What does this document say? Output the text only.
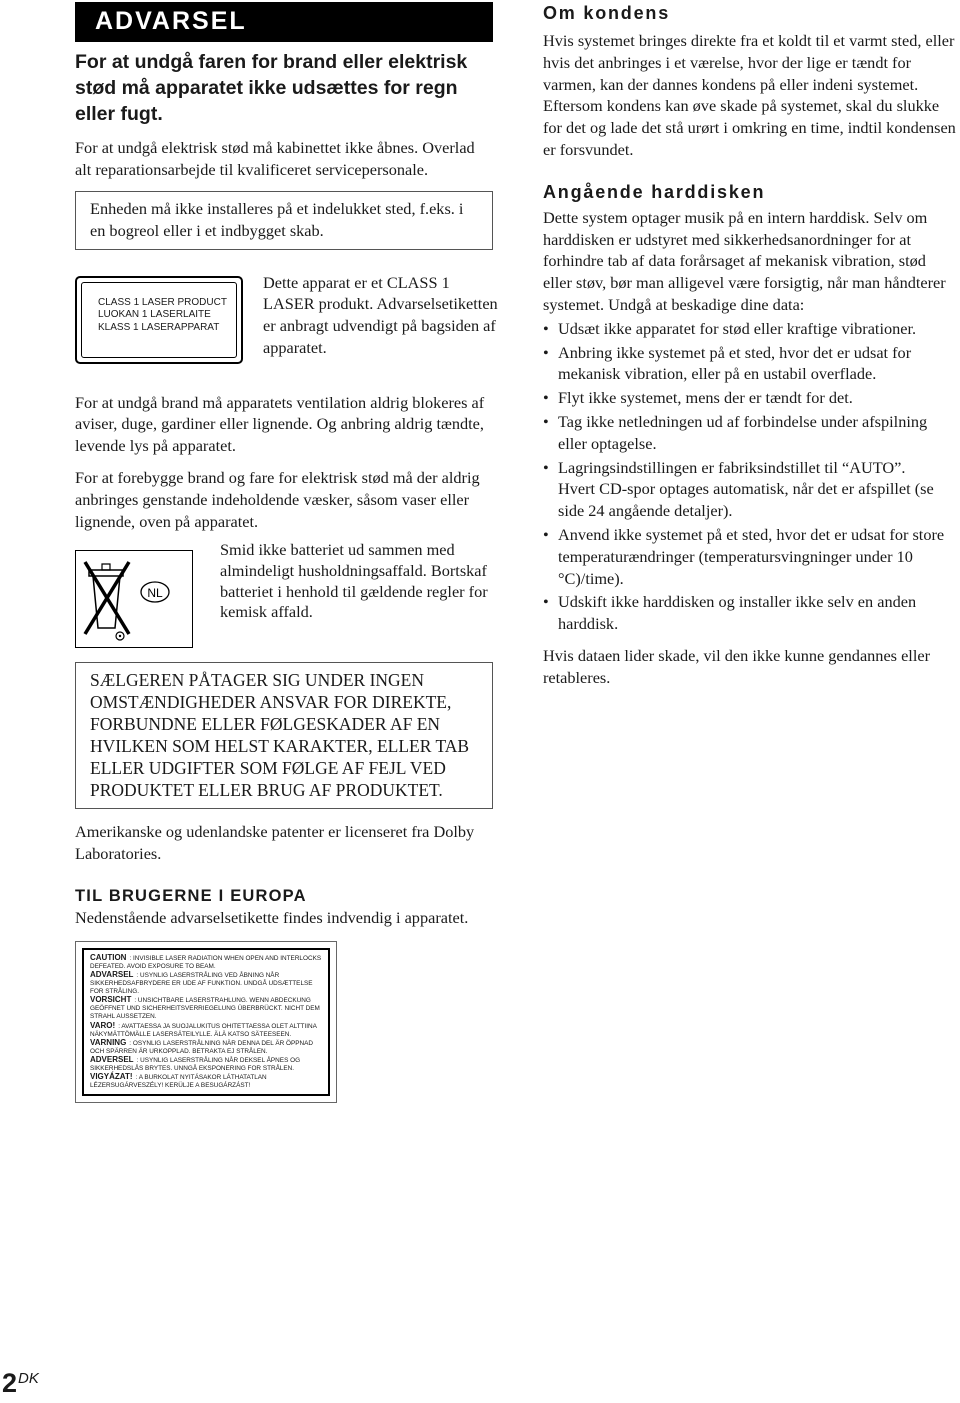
ADVARSEL
For at undgå faren for brand eller elektrisk stød må apparatet ikke udsættes for regn eller fugt.

For at undgå elektrisk stød må kabinettet ikke åbnes. Overlad alt reparationsarbejde til kvalificeret servicepersonale.

Enheden må ikke installeres på et indelukket sted, f.eks. i en bogreol eller i et indbygget skab.
CLASS 1 LASER PRODUCT
LUOKAN 1 LASERLAITE
KLASS 1 LASERAPPARAT
Dette apparat er et CLASS 1 LASER produkt. Advarselsetiketten er anbragt udvendigt på bagsiden af apparatet.

For at undgå brand må apparatets ventilation aldrig blokeres af aviser, duge, gardiner eller lignende. Og anbring aldrig tændte, levende lys på apparatet.

For at forebygge brand og fare for elektrisk stød må der aldrig anbringes genstande indeholdende væsker, såsom vaser eller lignende, oven på apparatet.

NL
Smid ikke batteriet ud sammen med almindeligt husholdningsaffald. Bortskaf batteriet i henhold til gældende regler for kemisk affald.
SÆLGEREN PÅTAGER SIG UNDER INGEN OMSTÆNDIGHEDER ANSVAR FOR DIREKTE, FORBUNDNE ELLER FØLGESKADER AF EN HVILKEN SOM HELST KARAKTER, ELLER TAB ELLER UDGIFTER SOM FØLGE AF FEJL VED PRODUKTET ELLER BRUG AF PRODUKTET.

Amerikanske og udenlandske patenter er licenseret fra Dolby Laboratories.

TIL BRUGERNE I EUROPA

Nedenstående advarselsetikette findes indvendig i apparatet.

CAUTION : INVISIBLE LASER RADIATION WHEN OPEN AND INTERLOCKS DEFEATED. AVOID EXPOSURE TO BEAM.
ADVARSEL : USYNLIG LASERSTRÅLING VED ÅBNING NÅR SIKKERHEDSAFBRYDERE ER UDE AF FUNKTION. UNDGÅ UDSÆTTELSE FOR STRÅLING.
VORSICHT : UNSICHTBARE LASERSTRAHLUNG. WENN ABDECKUNG GEÖFFNET UND SICHERHEITSVERRIEGELUNG ÜBERBRÜCKT. NICHT DEM STRAHL AUSSETZEN.
VARO! : AVATTAESSA JA SUOJALUKITUS OHITETTAESSA OLET ALTTIINA NÄKYMÄTTÖMÄLLE LASERSÄTEILYLLE. ÄLÄ KATSO SÄTEESEEN.
VARNING : OSYNLIG LASERSTRÅLNING NÄR DENNA DEL ÄR ÖPPNAD OCH SPÄRREN ÄR URKOPPLAD. BETRAKTA EJ STRÅLEN.
ADVERSEL : USYNLIG LASERSTRÅLING NÅR DEKSEL ÅPNES OG SIKKERHEDSLÅS BRYTES. UNNGÅ EKSPONERING FOR STRÅLEN.
VIGYÁZAT! : A BURKOLAT NYITÁSAKOR LÁTHATATLAN LÉZERSUGÁRVESZÉLY! KERÜLJE A BESUGÁRZÁST!
Om kondens

Hvis systemet bringes direkte fra et koldt til et varmt sted, eller hvis det anbringes i et værelse, hvor der lige er tændt for varmen, kan der dannes kondens på eller indeni systemet. Eftersom kondens kan øve skade på systemet, skal du slukke for det og lade det stå urørt i omkring en time, indtil kondensen er forsvundet.

Angående harddisken

Dette system optager musik på en intern harddisk. Selv om harddisken er udstyret med sikkerhedsanordninger for at forhindre tab af data forårsaget af mekanisk vibration, stød eller støv, bør man alligevel være forsigtig, når man håndterer systemet. Undgå at beskadige dine data:

• Udsæt ikke apparatet for stød eller kraftige vibrationer.
• Anbring ikke systemet på et sted, hvor det er udsat for mekanisk vibration, eller på en ustabil overflade.
• Flyt ikke systemet, mens der er tændt for det.
• Tag ikke netledningen ud af forbindelse under afspilning eller optagelse.
• Lagringsindstillingen er fabriksindstillet til “AUTO”.
Hvert CD-spor optages automatisk, når det er afspillet (se side 24 angående detaljer).
• Anvend ikke systemet på et sted, hvor det er udsat for store temperaturændringer (temperatursvingninger under 10 °C)/time).
• Udskift ikke harddisken og installer ikke selv en anden harddisk.

Hvis dataen lider skade, vil den ikke kunne gendannes eller retableres.

$2^{DK}$
